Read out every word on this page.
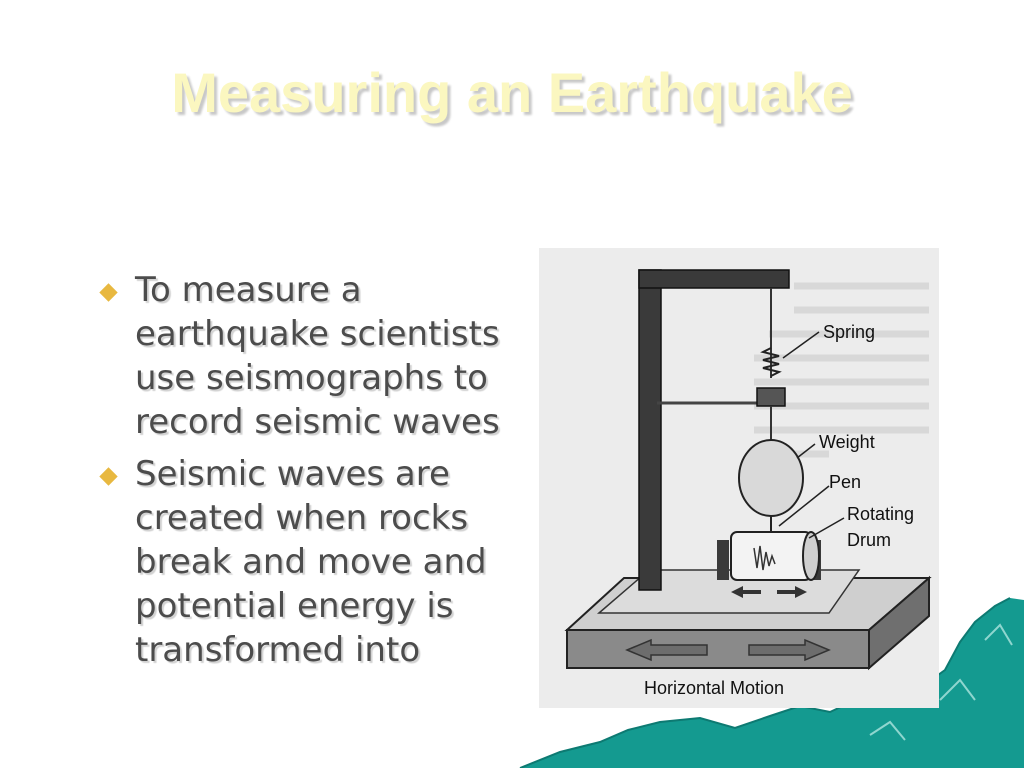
Measuring an Earthquake
To measure a earthquake scientists use seismographs to record seismic waves
Seismic waves are created when rocks break and move and potential energy is transformed into
Spring
Weight
Pen
Rotating
Drum
Horizontal Motion
